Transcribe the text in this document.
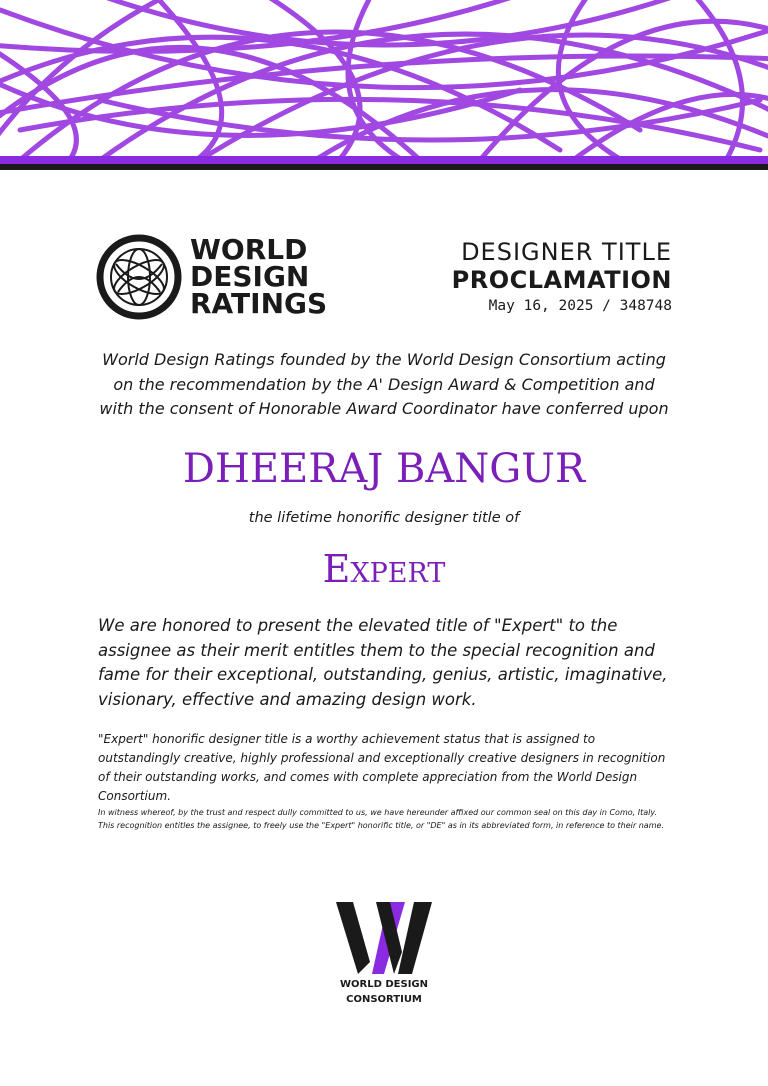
WORLD
DESIGN
RATINGS
DESIGNER TITLE
PROCLAMATION
May 16, 2025 / 348748
World Design Ratings founded by the World Design Consortium acting on the recommendation by the A' Design Award & Competition and with the consent of Honorable Award Coordinator have conferred upon
DHEERAJ BANGUR
the lifetime honorific designer title of
Expert
We are honored to present the elevated title of "Expert" to the assignee as their merit entitles them to the special recognition and fame for their exceptional, outstanding, genius, artistic, imaginative, visionary, effective and amazing design work.
"Expert" honorific designer title is a worthy achievement status that is assigned to outstandingly creative, highly professional and exceptionally creative designers in recognition of their outstanding works, and comes with complete appreciation from the World Design Consortium.
In witness whereof, by the trust and respect dully committed to us, we have hereunder affixed our common seal on this day in Como, Italy. This recognition entitles the assignee, to freely use the "Expert" honorific title, or "DE" as in its abbreviated form, in reference to their name.
WORLD DESIGN
CONSORTIUM
